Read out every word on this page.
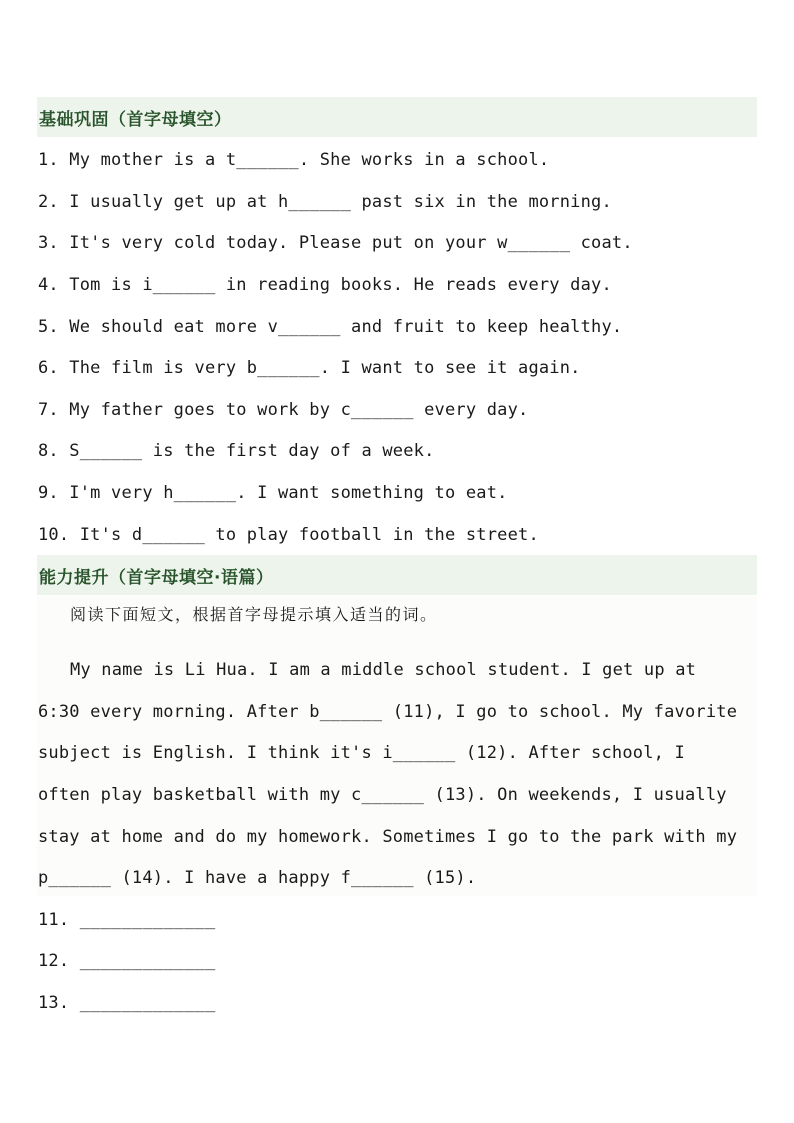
基础巩固（首字母填空）
1. My mother is a t______. She works in a school.
2. I usually get up at h______ past six in the morning.
3. It's very cold today. Please put on your w______ coat.
4. Tom is i______ in reading books. He reads every day.
5. We should eat more v______ and fruit to keep healthy.
6. The film is very b______. I want to see it again.
7. My father goes to work by c______ every day.
8. S______ is the first day of a week.
9. I'm very h______. I want something to eat.
10. It's d______ to play football in the street.
能力提升（首字母填空·语篇）
阅读下面短文，根据首字母提示填入适当的词。
My name is Li Hua. I am a middle school student. I get up at
6:30 every morning. After b______ (11), I go to school. My favorite
subject is English. I think it's i______ (12). After school, I
often play basketball with my c______ (13). On weekends, I usually
stay at home and do my homework. Sometimes I go to the park with my
p______ (14). I have a happy f______ (15).
11. _____________
12. _____________
13. _____________
